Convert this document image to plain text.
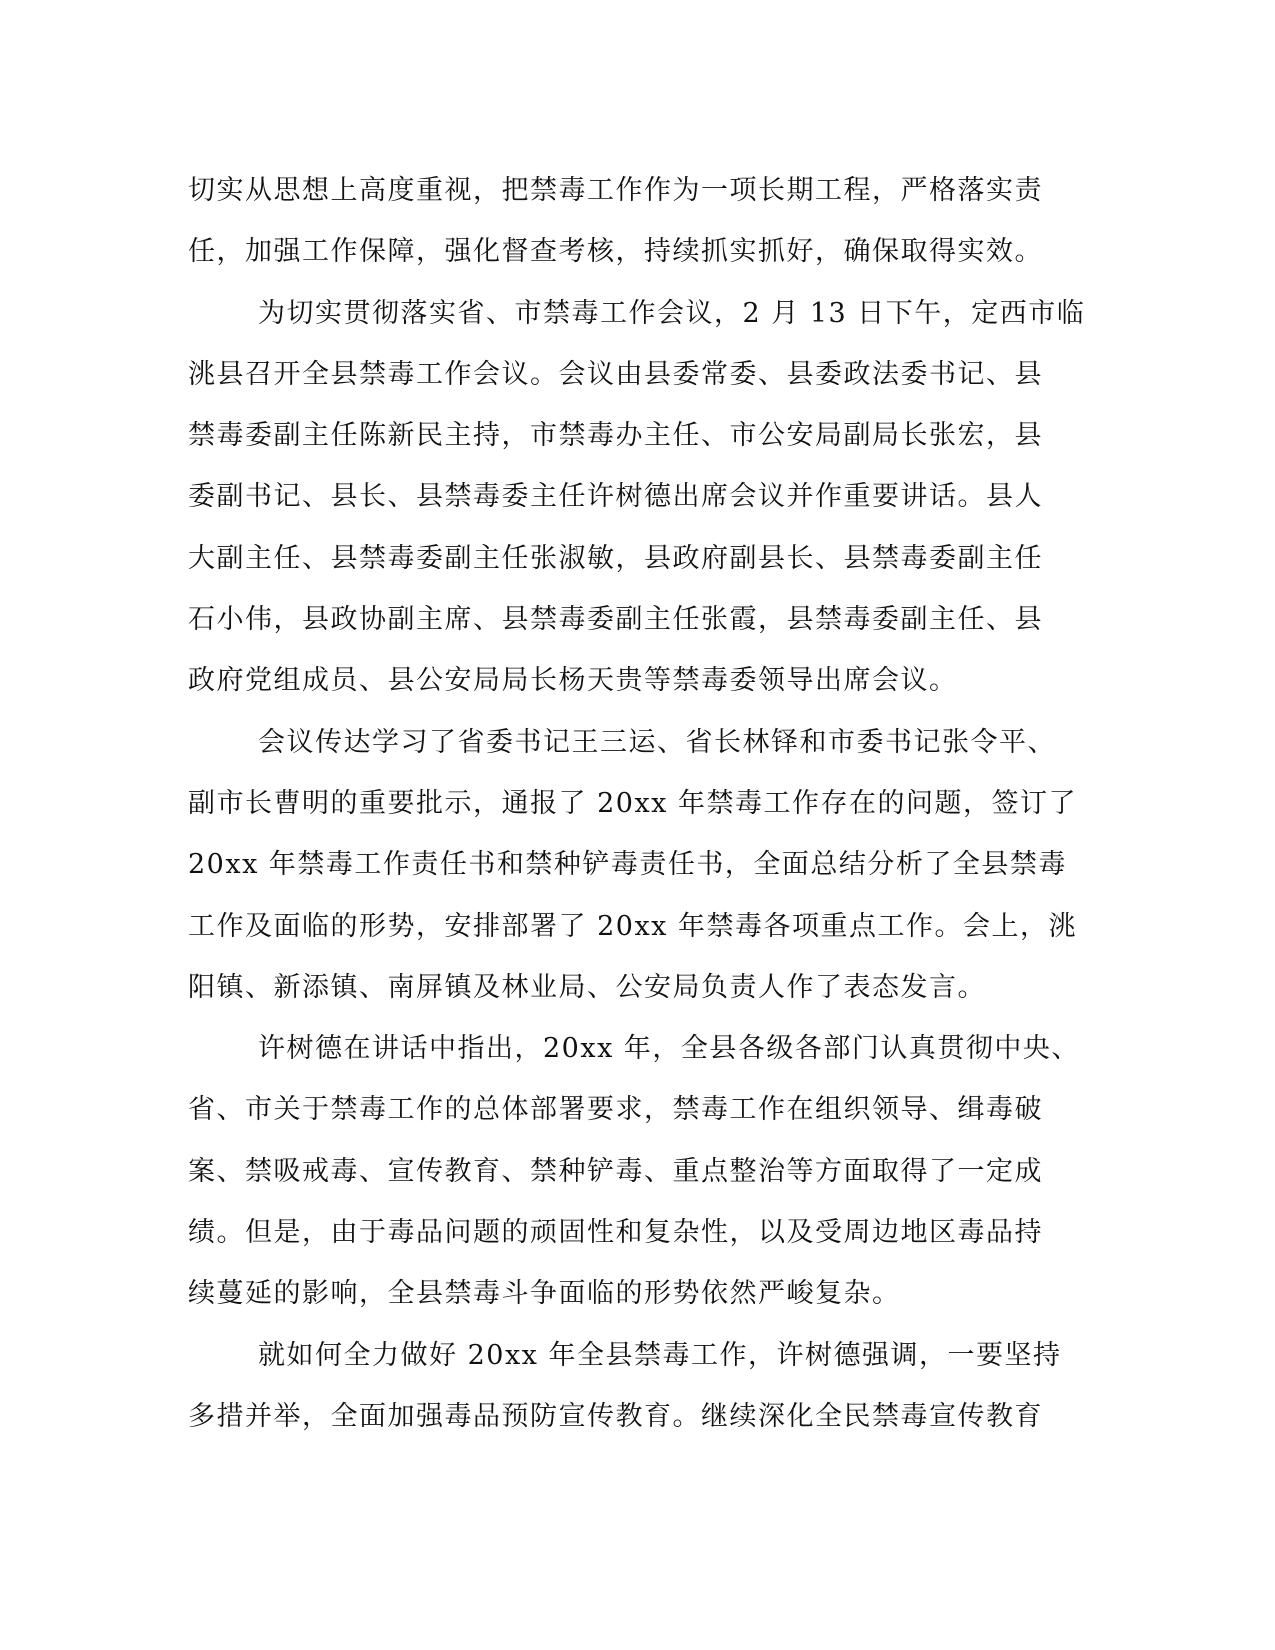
切实从思想上高度重视，把禁毒工作作为一项长期工程，严格落实责
任，加强工作保障，强化督查考核，持续抓实抓好，确保取得实效。
为切实贯彻落实省、市禁毒工作会议，2 月 13 日下午，定西市临
洮县召开全县禁毒工作会议。会议由县委常委、县委政法委书记、县
禁毒委副主任陈新民主持，市禁毒办主任、市公安局副局长张宏，县
委副书记、县长、县禁毒委主任许树德出席会议并作重要讲话。县人
大副主任、县禁毒委副主任张淑敏，县政府副县长、县禁毒委副主任
石小伟，县政协副主席、县禁毒委副主任张霞，县禁毒委副主任、县
政府党组成员、县公安局局长杨天贵等禁毒委领导出席会议。
会议传达学习了省委书记王三运、省长林铎和市委书记张令平、
副市长曹明的重要批示，通报了 20xx 年禁毒工作存在的问题，签订了
20xx 年禁毒工作责任书和禁种铲毒责任书，全面总结分析了全县禁毒
工作及面临的形势，安排部署了 20xx 年禁毒各项重点工作。会上，洮
阳镇、新添镇、南屏镇及林业局、公安局负责人作了表态发言。
许树德在讲话中指出，20xx 年，全县各级各部门认真贯彻中央、
省、市关于禁毒工作的总体部署要求，禁毒工作在组织领导、缉毒破
案、禁吸戒毒、宣传教育、禁种铲毒、重点整治等方面取得了一定成
绩。但是，由于毒品问题的顽固性和复杂性，以及受周边地区毒品持
续蔓延的影响，全县禁毒斗争面临的形势依然严峻复杂。
就如何全力做好 20xx 年全县禁毒工作，许树德强调，一要坚持
多措并举，全面加强毒品预防宣传教育。继续深化全民禁毒宣传教育
